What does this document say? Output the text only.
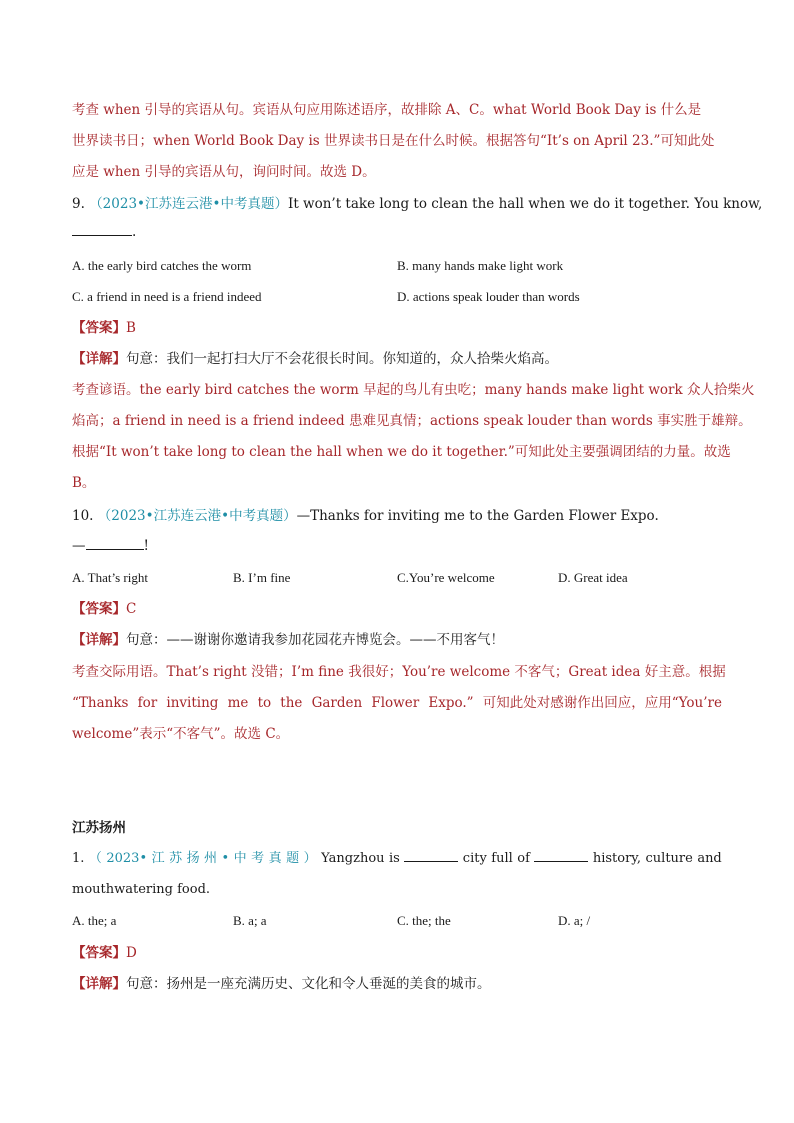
考查 when 引导的宾语从句。宾语从句应用陈述语序，故排除 A、C。what World Book Day is 什么是
世界读书日；when World Book Day is 世界读书日是在什么时候。根据答句“It’s on April 23.”可知此处
应是 when 引导的宾语从句，询问时间。故选 D。
9. （2023•江苏连云港•中考真题）It won’t take long to clean the hall when we do it together. You know,
.
A. the early bird catches the worm	B. many hands make light work
C. a friend in need is a friend indeed	D. actions speak louder than words
【答案】B
【详解】句意：我们一起打扫大厅不会花很长时间。你知道的，众人拾柴火焰高。
考查谚语。the early bird catches the worm 早起的鸟儿有虫吃；many hands make light work 众人拾柴火
焰高；a friend in need is a friend indeed 患难见真情；actions speak louder than words 事实胜于雄辩。
根据“It won’t take long to clean the hall when we do it together.”可知此处主要强调团结的力量。故选
B。
10. （2023•江苏连云港•中考真题）—Thanks for inviting me to the Garden Flower Expo.
—	!
A. That’s right	B. I’m fine	C.You’re welcome	D. Great idea
【答案】C
【详解】句意：——谢谢你邀请我参加花园花卉博览会。——不用客气！
考查交际用语。That’s right 没错；I’m fine 我很好；You’re welcome 不客气；Great idea 好主意。根据
“Thanks for inviting me to the Garden Flower Expo.” 可知此处对感谢作出回应，应用“You’re
welcome”表示“不客气”。故选 C。
江苏扬州
1. （ 2023• 江 苏 扬 州 • 中 考 真 题 ） Yangzhou is	city full of	history, culture and
mouthwatering food.
A. the; a	B. a; a	C. the; the	D. a; /
【答案】D
【详解】句意：扬州是一座充满历史、文化和令人垂涎的美食的城市。
